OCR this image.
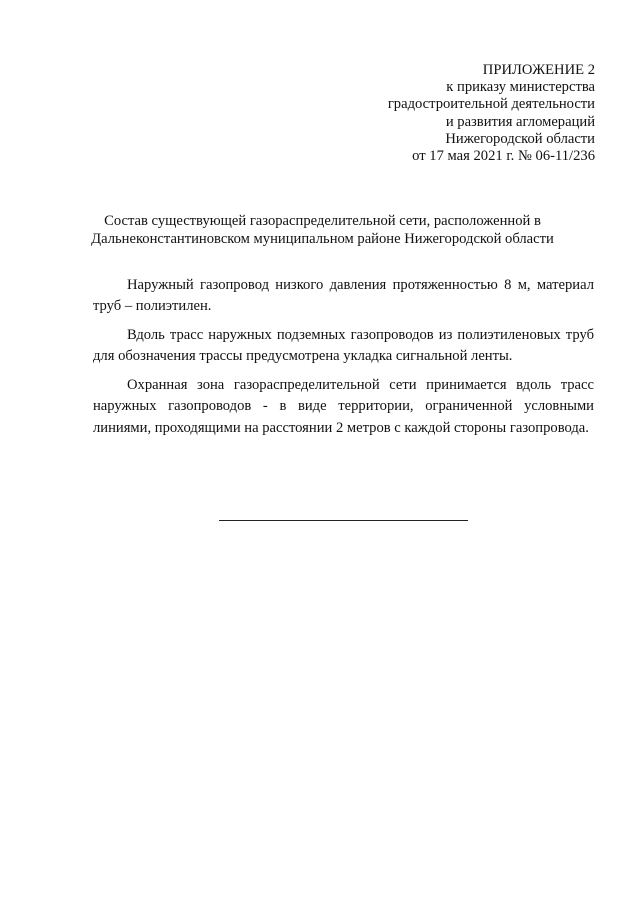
ПРИЛОЖЕНИЕ 2
к приказу министерства
градостроительной деятельности
и развития агломераций
Нижегородской области
от 17 мая 2021 г. № 06-11/236
Состав существующей газораспределительной сети, расположенной в
Дальнеконстантиновском муниципальном районе Нижегородской области

Наружный газопровод низкого давления протяженностью 8 м, материал труб – полиэтилен.

Вдоль трасс наружных подземных газопроводов из полиэтиленовых труб для обозначения трассы предусмотрена укладка сигнальной ленты.

Охранная зона газораспределительной сети принимается вдоль трасс наружных газопроводов - в виде территории, ограниченной условными линиями, проходящими на расстоянии 2 метров с каждой стороны газопровода.
